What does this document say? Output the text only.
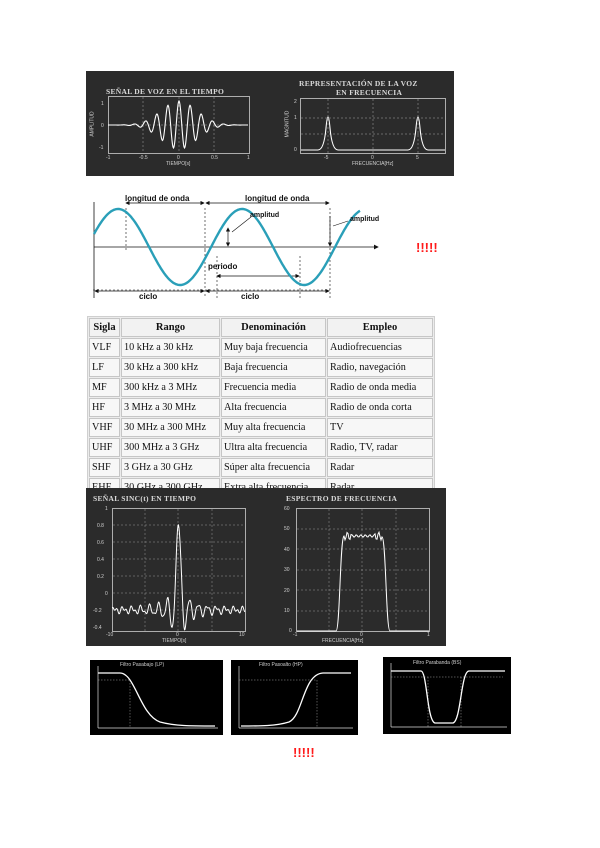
SEÑAL DE VOZ EN EL TIEMPO
REPRESENTACIÓN DE LA VOZ
EN FRECUENCIA
1
0
-1
-1	-0.5	0	0.5	1
TIEMPO[s]
AMPLITUD
2
1
0
-5	0	5
FRECUENCIA[Hz]
MAGNITUD
longitud de onda	longitud de onda
amplitud
amplitud
periodo
ciclo	ciclo
!!!!!
Sigla	Rango	Denominación	Empleo
VLF	10 kHz a 30 kHz	Muy baja frecuencia	Audiofrecuencias
LF	30 kHz a 300 kHz	Baja frecuencia	Radio, navegación
MF	300 kHz a 3 MHz	Frecuencia media	Radio de onda media
HF	3 MHz a 30 MHz	Alta frecuencia	Radio de onda corta
VHF	30 MHz a 300 MHz	Muy alta frecuencia	TV
UHF	300 MHz a 3 GHz	Ultra alta frecuencia	Radio, TV, radar
SHF	3 GHz a 30 GHz	Súper alta frecuencia	Radar

SEÑAL SINC(t) EN TIEMPO	ESPECTRO DE FRECUENCIA
1
0.8
0.6
0.4
0.2
0
-0.2
-0.4
-10	0	10
TIEMPO[s]
60
50
40
30
20
10
0
-1	0	1
FRECUENCIA[Hz]
Filtro Pasabajo (LP)	Filtro Pasoalto (HP)	Filtro Parabanda (BS)
!!!!!
